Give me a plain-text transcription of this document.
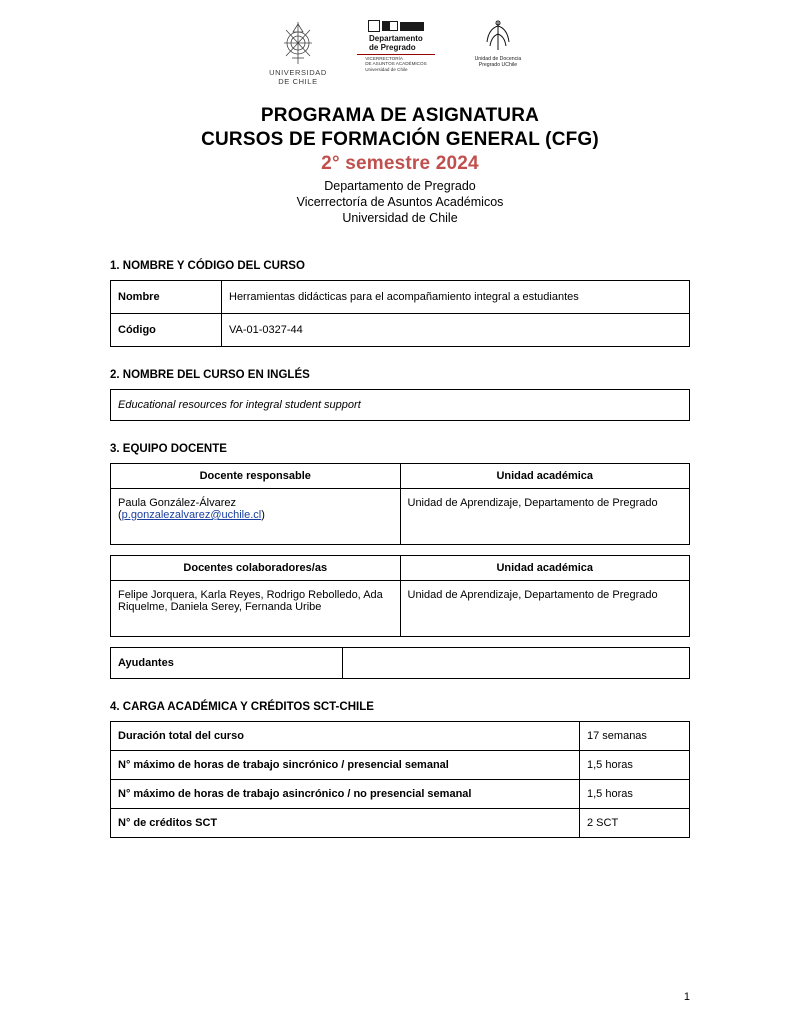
UNIVERSIDAD
DE CHILE
Departamento
de Pregrado
VICERRECTORÍA
DE ASUNTOS ACADÉMICOS
Universidad de Chile
Unidad de Docencia
Pregrado UChile
PROGRAMA DE ASIGNATURA
CURSOS DE FORMACIÓN GENERAL (CFG)
2° semestre 2024
Departamento de Pregrado
Vicerrectoría de Asuntos Académicos
Universidad de Chile
1. NOMBRE Y CÓDIGO DEL CURSO
Nombre	Herramientas didácticas para el acompañamiento integral a estudiantes
Código	VA-01-0327-44
2. NOMBRE DEL CURSO EN INGLÉS
Educational resources for integral student support
3. EQUIPO DOCENTE
Docente responsable	Unidad académica
Paula González-Álvarez
(p.gonzalezalvarez@uchile.cl)	Unidad de Aprendizaje, Departamento de Pregrado
Docentes colaboradores/as	Unidad académica
Felipe Jorquera, Karla Reyes, Rodrigo Rebolledo, Ada Riquelme, Daniela Serey, Fernanda Uribe	Unidad de Aprendizaje, Departamento de Pregrado
Ayudantes	
4. CARGA ACADÉMICA Y CRÉDITOS SCT-CHILE
Duración total del curso	17 semanas
N° máximo de horas de trabajo sincrónico / presencial semanal	1,5 horas
N° máximo de horas de trabajo asincrónico / no presencial semanal	1,5 horas
N° de créditos SCT	2 SCT
1
